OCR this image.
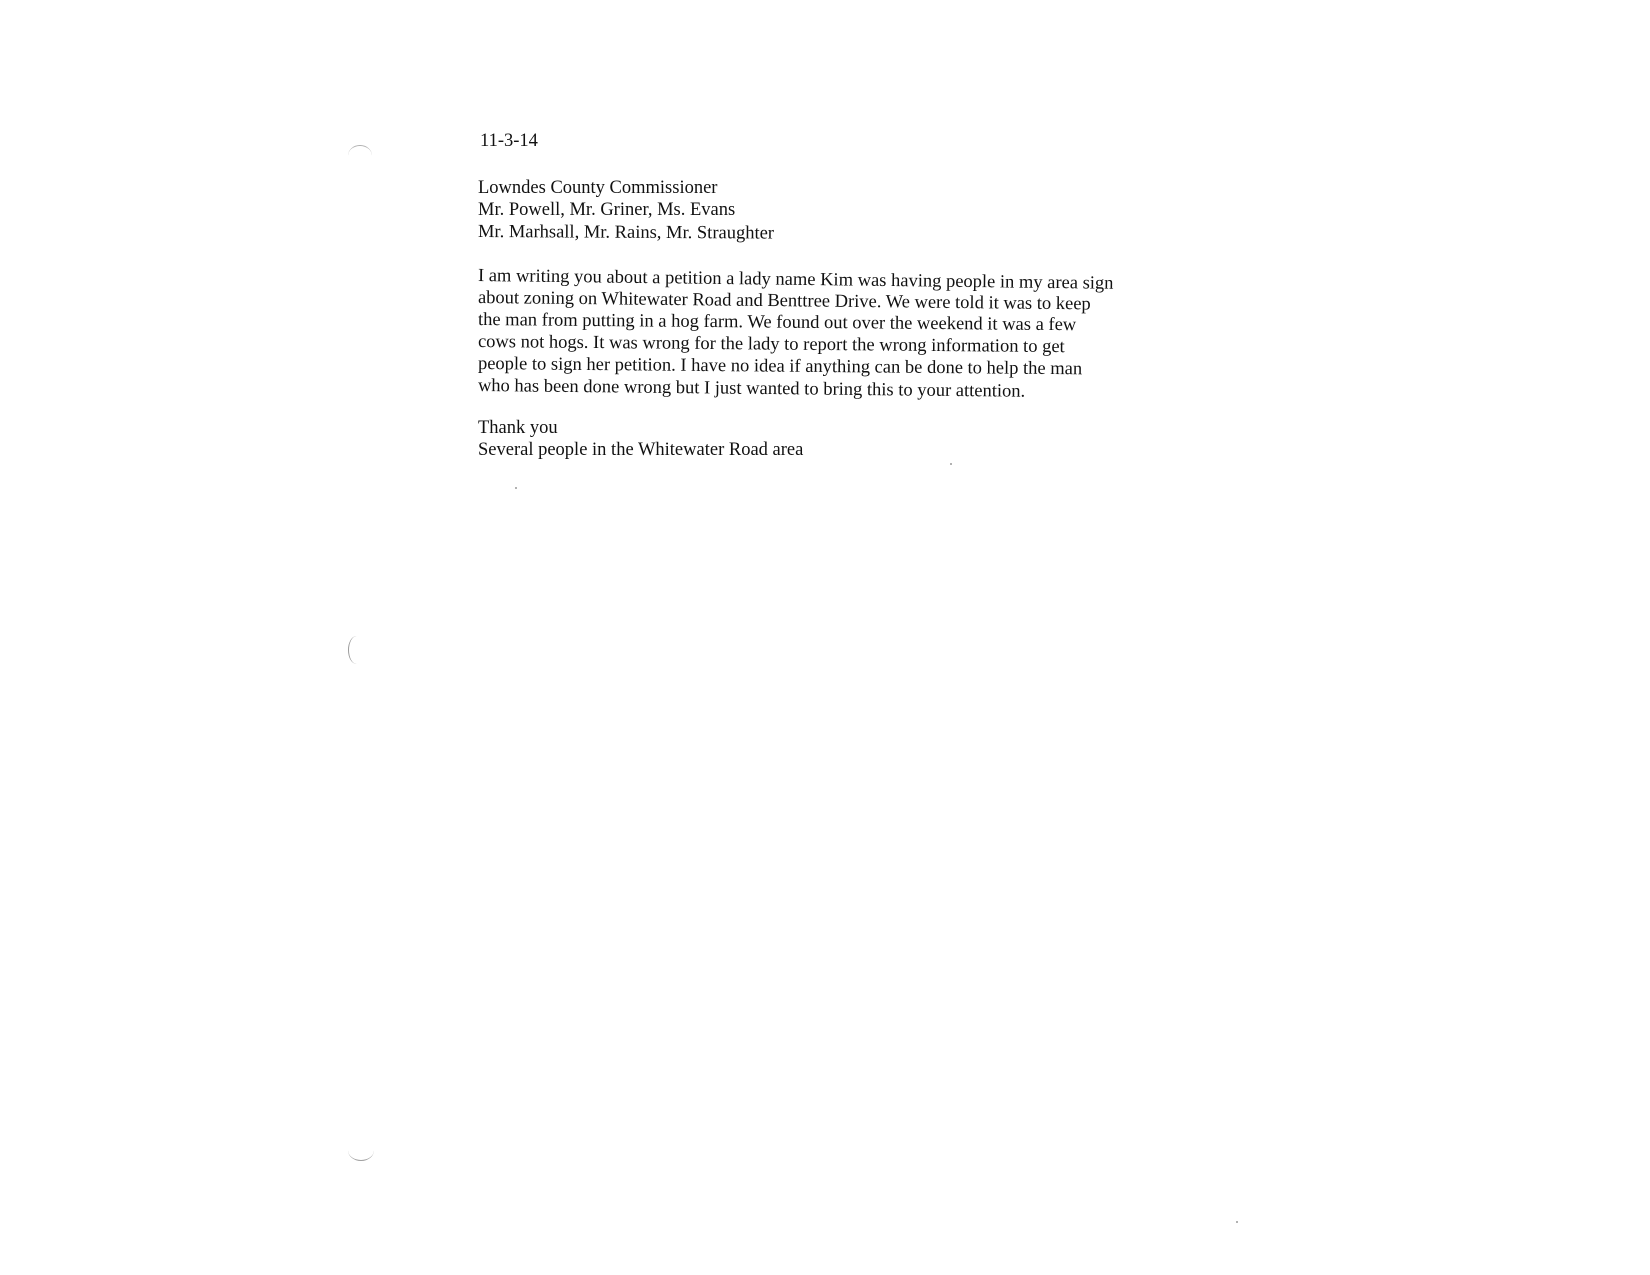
11-3-14

Lowndes County Commissioner

Mr. Powell, Mr. Griner, Ms. Evans

Mr. Marhsall, Mr. Rains, Mr. Straughter

I am writing you about a petition a lady name Kim was having people in my area sign

about zoning on Whitewater Road and Benttree Drive. We were told it was to keep

the man from putting in a hog farm. We found out over the weekend it was a few

cows not hogs. It was wrong for the lady to report the wrong information to get

people to sign her petition. I have no idea if anything can be done to help the man

who has been done wrong but I just wanted to bring this to your attention.

Thank you

Several people in the Whitewater Road area
